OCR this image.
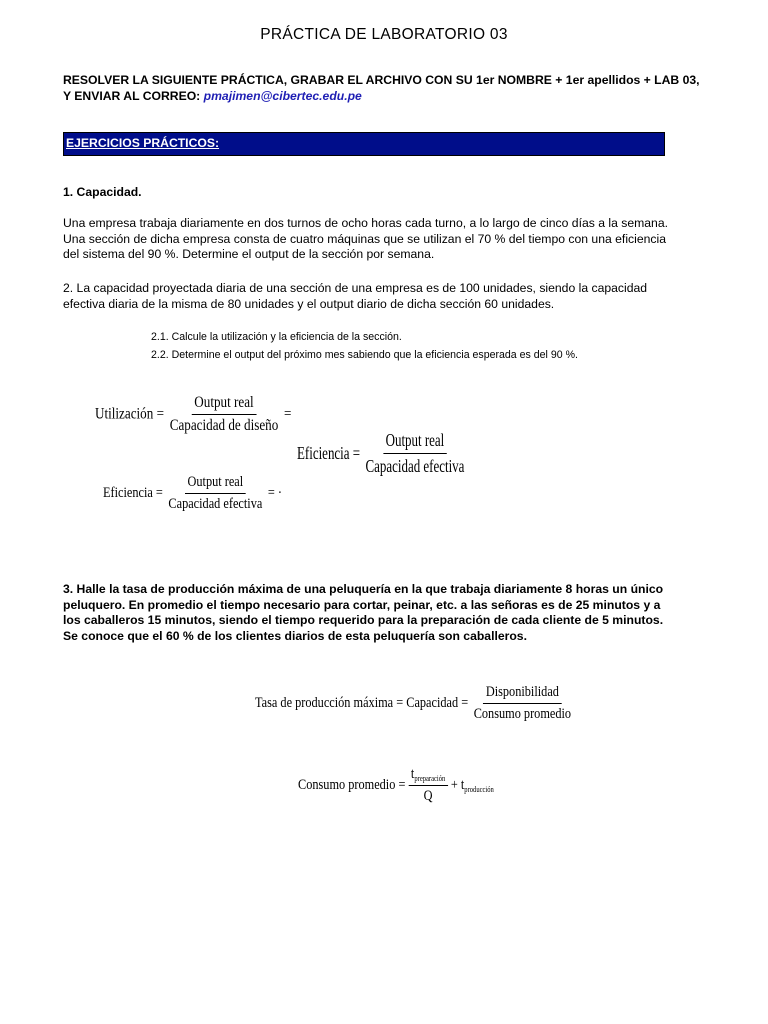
PRÁCTICA DE LABORATORIO 03
RESOLVER LA SIGUIENTE PRÁCTICA, GRABAR EL ARCHIVO CON SU 1er NOMBRE + 1er apellidos + LAB 03, Y ENVIAR AL CORREO: pmajimen@cibertec.edu.pe
EJERCICIOS PRÁCTICOS:
1. Capacidad.
Una empresa trabaja diariamente en dos turnos de ocho horas cada turno, a lo largo de cinco días a la semana. Una sección de dicha empresa consta de cuatro máquinas que se utilizan el 70 % del tiempo con una eficiencia del sistema del 90 %. Determine el output de la sección por semana.
2. La capacidad proyectada diaria de una sección de una empresa es de 100 unidades, siendo la capacidad efectiva diaria de la misma de 80 unidades y el output diario de dicha sección 60 unidades.
2.1. Calcule la utilización y la eficiencia de la sección.
2.2. Determine el output del próximo mes sabiendo que la eficiencia esperada es del 90 %.
Utilización = $\frac{\text{Output real}}{\text{Capacidad de diseño}}$ =
Eficiencia = $\frac{\text{Output real}}{\text{Capacidad efectiva}}$ = ·
Eficiencia = $\frac{\text{Output real}}{\text{Capacidad efectiva}}$
3. Halle la tasa de producción máxima de una peluquería en la que trabaja diariamente 8 horas un único peluquero. En promedio el tiempo necesario para cortar, peinar, etc. a las señoras es de 25 minutos y a los caballeros 15 minutos, siendo el tiempo requerido para la preparación de cada cliente de 5 minutos. Se conoce que el 60 % de los clientes diarios de esta peluquería son caballeros.
Tasa de producción máxima = Capacidad = $\frac{\text{Disponibilidad}}{\text{Consumo promedio}}$
Consumo promedio = $\frac{t_{preparación}}{Q} + t_{producción}$
